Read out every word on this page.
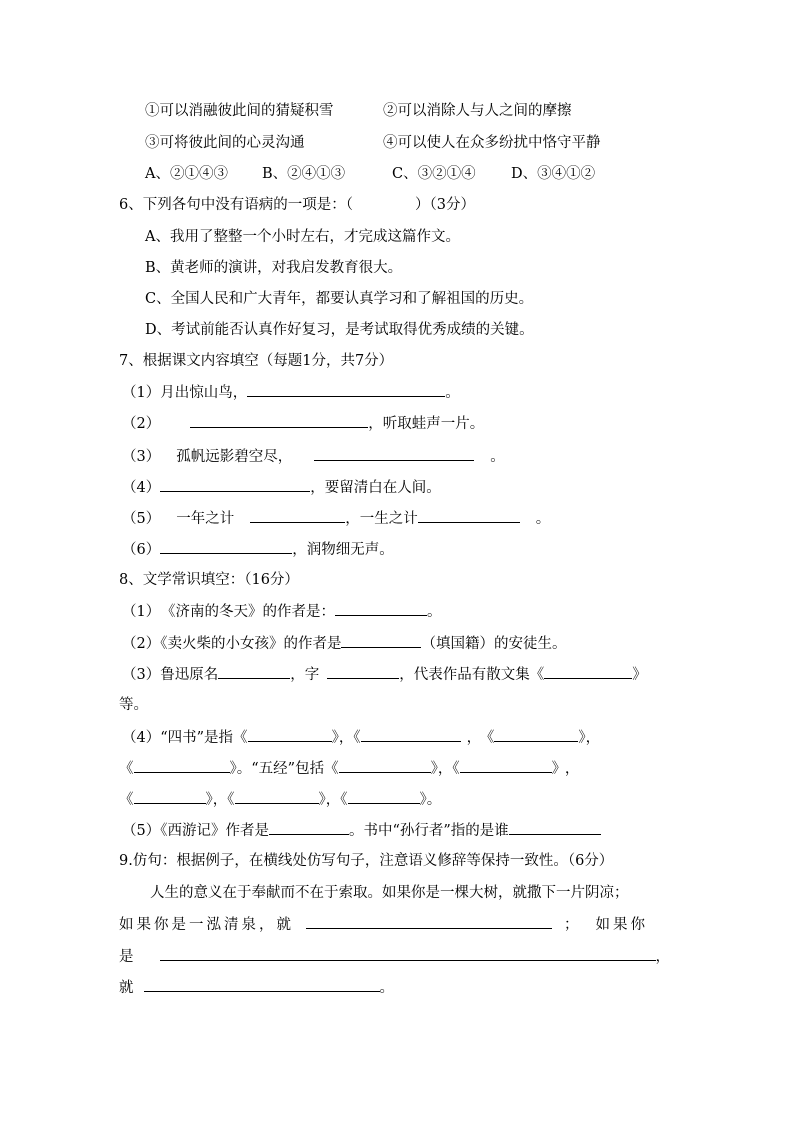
①可以消融彼此间的猜疑积雪	②可以消除人与人之间的摩擦
③可将彼此间的心灵沟通	④可以使人在众多纷扰中恪守平静
A、②①④③ B、②④①③	C、③②①④ D、③④①②
6、下列各句中没有语病的一项是：（	）（3分）
A、我用了整整一个小时左右，才完成这篇作文。
B、黄老师的演讲，对我启发教育很大。
C、全国人民和广大青年，都要认真学习和了解祖国的历史。
D、考试前能否认真作好复习，是考试取得优秀成绩的关键。
7、根据课文内容填空（每题1分，共7分）
（1）月出惊山鸟，	。
（2）	，听取蛙声一片。
（3） 孤帆远影碧空尽，	。
（4）	，要留清白在人间。
（5） 一年之计	，一生之计	。
（6）	，润物细无声。
8、文学常识填空：（16分）
（1） 《济南的冬天》的作者是：	。
（2）《卖火柴的小女孩》的作者是	（填国籍）的安徒生。
（3）鲁迅原名	，字	，代表作品有散文集《	》
等。
（4）“四书”是指《	》，《	， 《	》，
《	》。“五经”包括《	》，《	》 ，
《	》，《	》，《	》。
（5）《西游记》作者是	。书中“孙行者”指的是谁
9.仿句：根据例子，在横线处仿写句子，注意语义修辞等保持一致性。（6分）
人生的意义在于奉献而不在于索取。如果你是一棵大树，就撒下一片阴凉；
如果你是一泓清泉，就	； 如果你
是	，
就	。
